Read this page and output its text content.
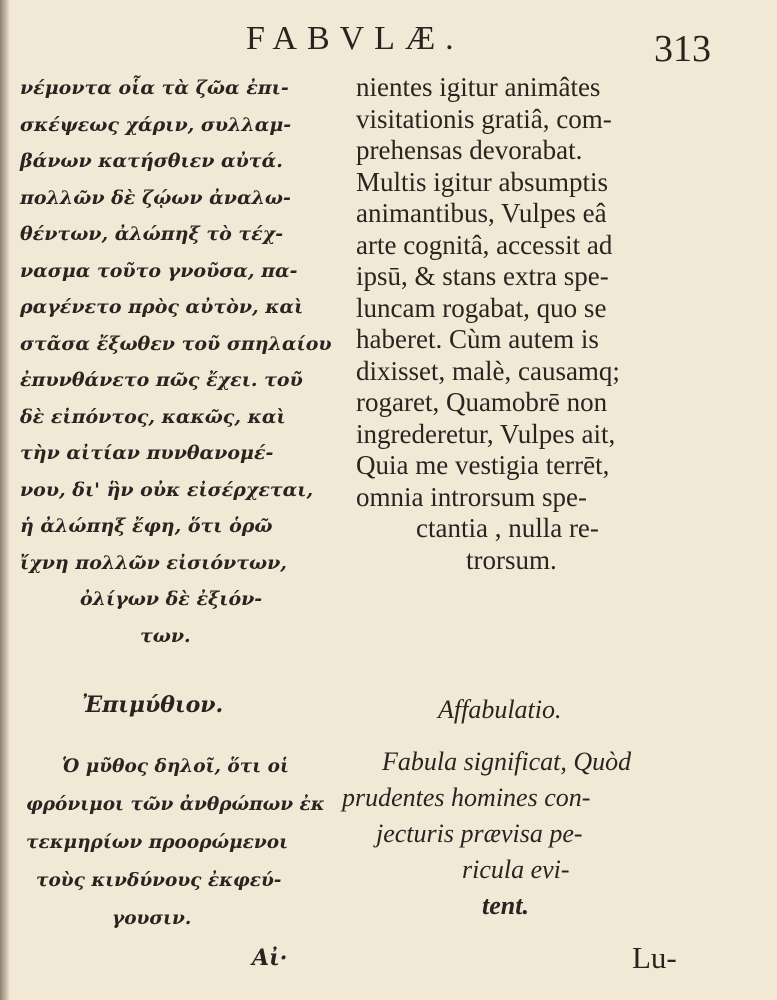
FABVLÆ.	313
νέμοντα οἷα τὰ ζῶα ἐπι-
σκέψεως χάριν, συλλαμ-
βάνων κατήσθιεν αὐτά.
πολλῶν δὲ ζῴων ἀναλω-
θέντων, ἀλώπηξ τὸ τέχ-
νασμα τοῦτο γνοῦσα, πα-
ραγένετο πρὸς αὐτὸν, καὶ
στᾶσα ἔξωθεν τοῦ σπηλαίου
ἐπυνθάνετο πῶς ἔχει. τοῦ
δὲ εἰπόντος, κακῶς, καὶ
τὴν αἰτίαν πυνθανομέ-
νου, δι' ἣν οὐκ εἰσέρχεται,
ἡ ἀλώπηξ ἔφη, ὅτι ὁρῶ
ἴχνη πολλῶν εἰσιόντων,
ὀλίγων δὲ ἐξιόν-
των.
nientes igitur animâtes
visitationis gratiâ, com-
prehensas devorabat.
Multis igitur absumptis
animantibus, Vulpes eâ
arte cognitâ, accessit ad
ipsū, & stans extra spe-
luncam rogabat, quo se
haberet. Cùm autem is
dixisset, malè, causamq;
rogaret, Quamobrē non
ingrederetur, Vulpes ait,
Quia me vestigia terrēt,
omnia introrsum spe-
ctantia , nulla re-
trorsum.
Ἐπιμύθιον.	Affabulatio.
Ὁ μῦθος δηλοῖ, ὅτι οἱ
φρόνιμοι τῶν ἀνθρώπων ἐκ
τεκμηρίων προορώμενοι
τοὺς κινδύνους ἐκφεύ-
γουσιν.
Fabula significat, Quòd
prudentes homines con-
jecturis prævisa pe-
ricula evi-
tent.
Αἰ·	Lu-
